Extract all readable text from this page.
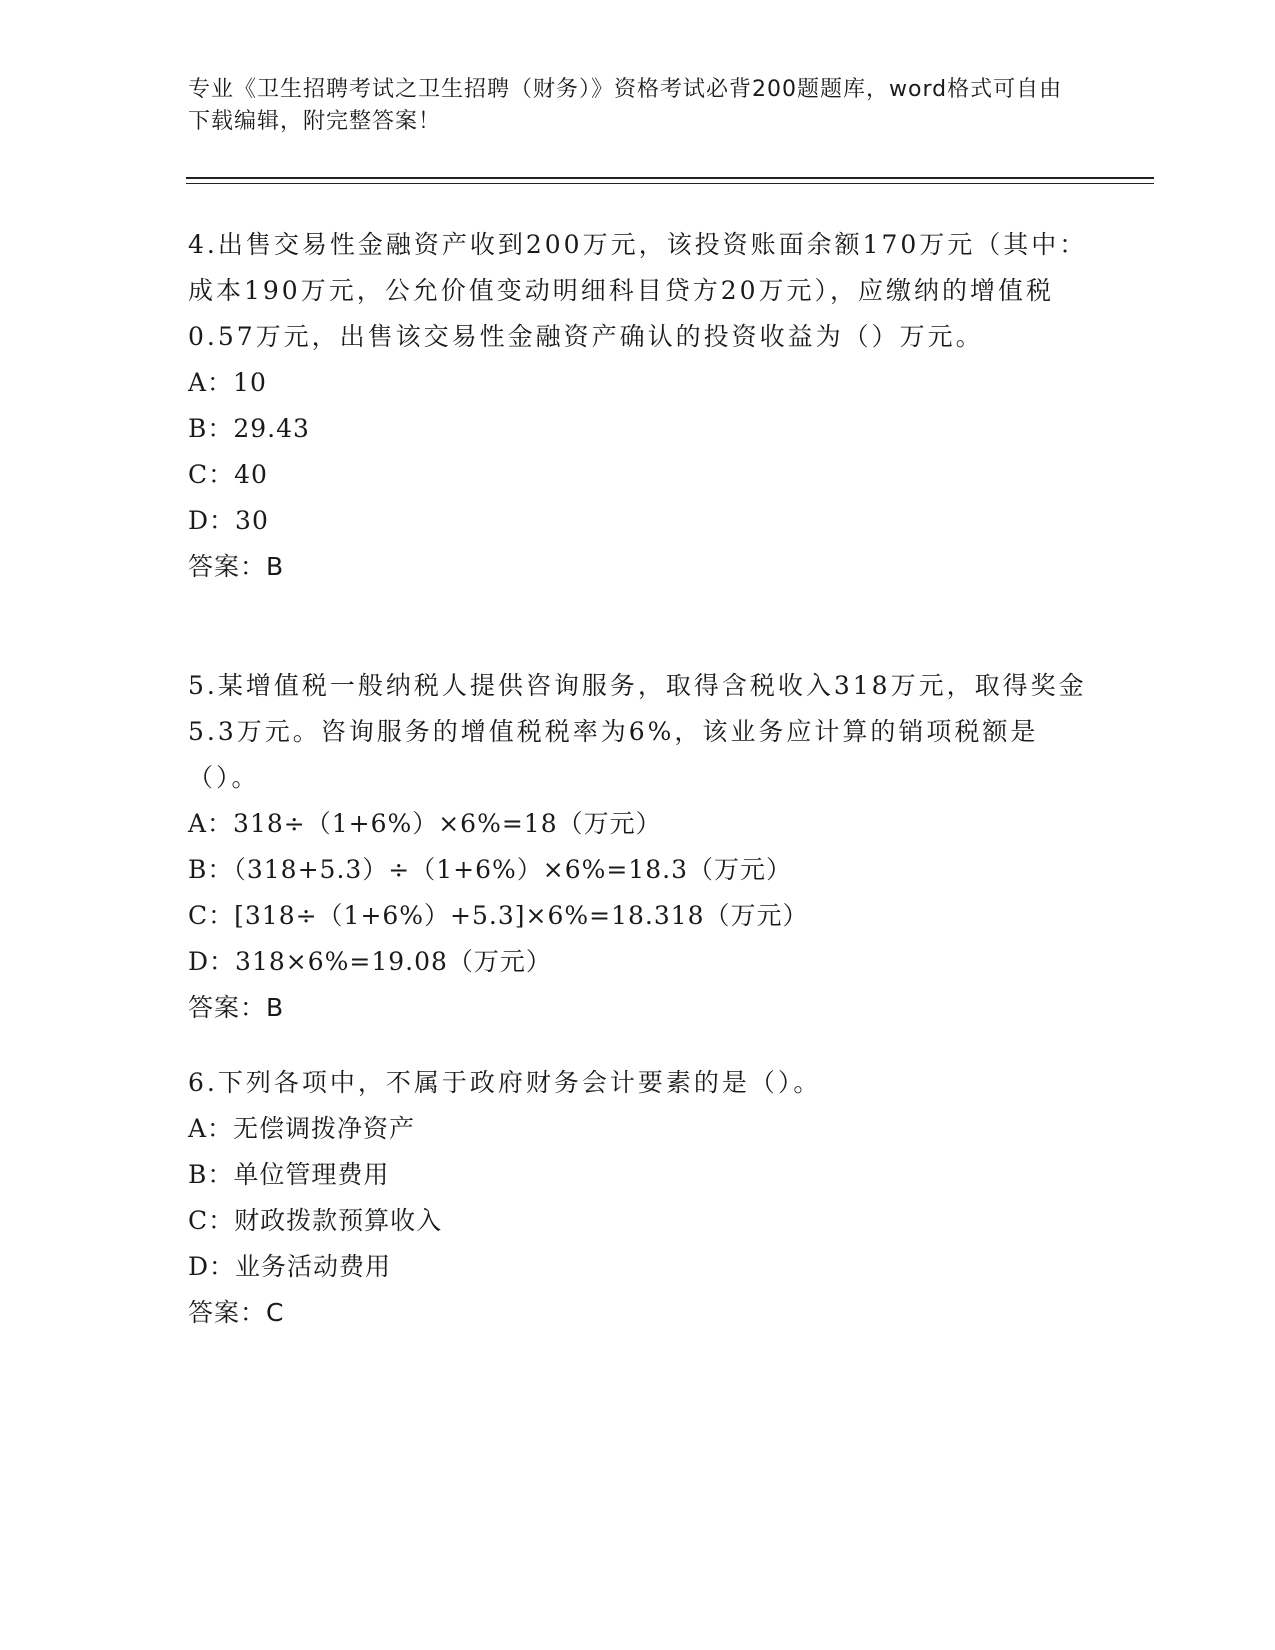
专业《卫生招聘考试之卫生招聘（财务）》资格考试必背200题题库，word格式可自由下载编辑，附完整答案！

4.出售交易性金融资产收到200万元，该投资账面余额170万元（其中：成本190万元，公允价值变动明细科目贷方20万元），应缴纳的增值税0.57万元，出售该交易性金融资产确认的投资收益为（）万元。

A：10

B：29.43

C：40

D：30

答案：B

5.某增值税一般纳税人提供咨询服务，取得含税收入318万元，取得奖金5.3万元。咨询服务的增值税税率为6%，该业务应计算的销项税额是（）。

A：318÷（1+6%）×6%=18（万元）

B：（318+5.3）÷（1+6%）×6%=18.3（万元）

C：[318÷（1+6%）+5.3]×6%=18.318（万元）

D：318×6%=19.08（万元）

答案：B

6.下列各项中，不属于政府财务会计要素的是（）。

A：无偿调拨净资产

B：单位管理费用

C：财政拨款预算收入

D：业务活动费用

答案：C
